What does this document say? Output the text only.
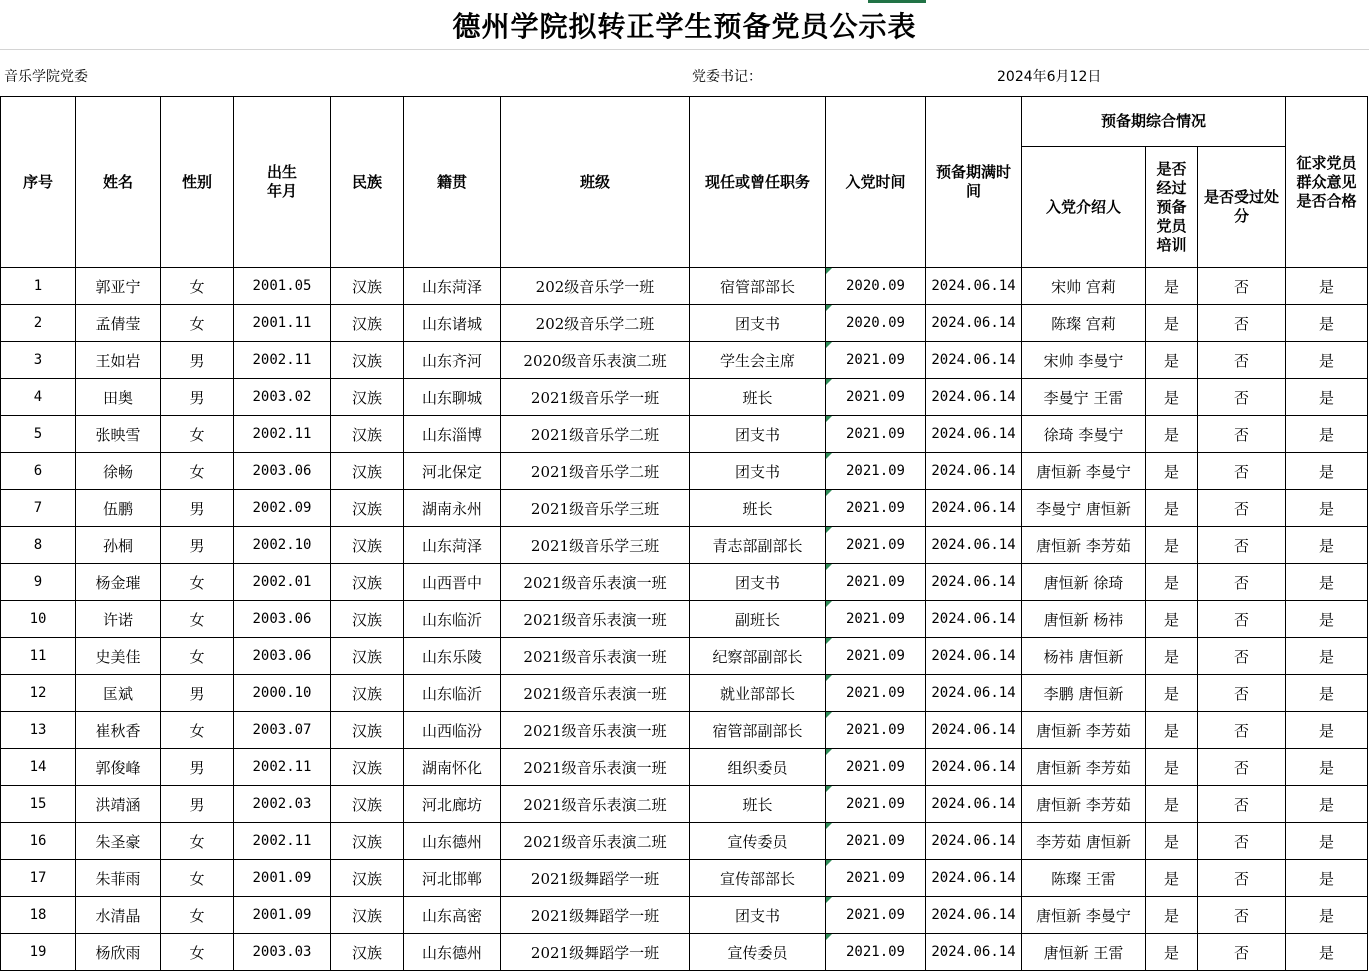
德州学院拟转正学生预备党员公示表
音乐学院党委	党委书记：	2024年6月12日
序号	姓名	性别	出生年月	民族	籍贯	班级	现任或曾任职务	入党时间	预备期满时间	预备期综合情况			征求党员群众意见是否合格

										入党介绍人	是否经过预备党员培训	是否受过处分	

1	郭亚宁	女	2001.05	汉族	山东菏泽	202级音乐学一班	宿管部部长	2020.09	2024.06.14	宋帅 宫莉	是	否	是
2	孟倩莹	女	2001.11	汉族	山东诸城	202级音乐学二班	团支书	2020.09	2024.06.14	陈璨 宫莉	是	否	是
3	王如岩	男	2002.11	汉族	山东齐河	2020级音乐表演二班	学生会主席	2021.09	2024.06.14	宋帅 李曼宁	是	否	是
4	田奥	男	2003.02	汉族	山东聊城	2021级音乐学一班	班长	2021.09	2024.06.14	李曼宁 王雷	是	否	是
5	张映雪	女	2002.11	汉族	山东淄博	2021级音乐学二班	团支书	2021.09	2024.06.14	徐琦 李曼宁	是	否	是
6	徐畅	女	2003.06	汉族	河北保定	2021级音乐学二班	团支书	2021.09	2024.06.14	唐恒新 李曼宁	是	否	是
7	伍鹏	男	2002.09	汉族	湖南永州	2021级音乐学三班	班长	2021.09	2024.06.14	李曼宁 唐恒新	是	否	是
8	孙桐	男	2002.10	汉族	山东菏泽	2021级音乐学三班	青志部副部长	2021.09	2024.06.14	唐恒新 李芳茹	是	否	是
9	杨金璀	女	2002.01	汉族	山西晋中	2021级音乐表演一班	团支书	2021.09	2024.06.14	唐恒新 徐琦	是	否	是
10	许诺	女	2003.06	汉族	山东临沂	2021级音乐表演一班	副班长	2021.09	2024.06.14	唐恒新 杨祎	是	否	是
11	史美佳	女	2003.06	汉族	山东乐陵	2021级音乐表演一班	纪察部副部长	2021.09	2024.06.14	杨祎 唐恒新	是	否	是
12	匡斌	男	2000.10	汉族	山东临沂	2021级音乐表演一班	就业部部长	2021.09	2024.06.14	李鹏 唐恒新	是	否	是
13	崔秋香	女	2003.07	汉族	山西临汾	2021级音乐表演一班	宿管部副部长	2021.09	2024.06.14	唐恒新 李芳茹	是	否	是
14	郭俊峰	男	2002.11	汉族	湖南怀化	2021级音乐表演一班	组织委员	2021.09	2024.06.14	唐恒新 李芳茹	是	否	是
15	洪靖涵	男	2002.03	汉族	河北廊坊	2021级音乐表演二班	班长	2021.09	2024.06.14	唐恒新 李芳茹	是	否	是
16	朱圣豪	女	2002.11	汉族	山东德州	2021级音乐表演二班	宣传委员	2021.09	2024.06.14	李芳茹 唐恒新	是	否	是
17	朱菲雨	女	2001.09	汉族	河北邯郸	2021级舞蹈学一班	宣传部部长	2021.09	2024.06.14	陈璨 王雷	是	否	是
18	水清晶	女	2001.09	汉族	山东高密	2021级舞蹈学一班	团支书	2021.09	2024.06.14	唐恒新 李曼宁	是	否	是
19	杨欣雨	女	2003.03	汉族	山东德州	2021级舞蹈学一班	宣传委员	2021.09	2024.06.14	唐恒新 王雷	是	否	是
